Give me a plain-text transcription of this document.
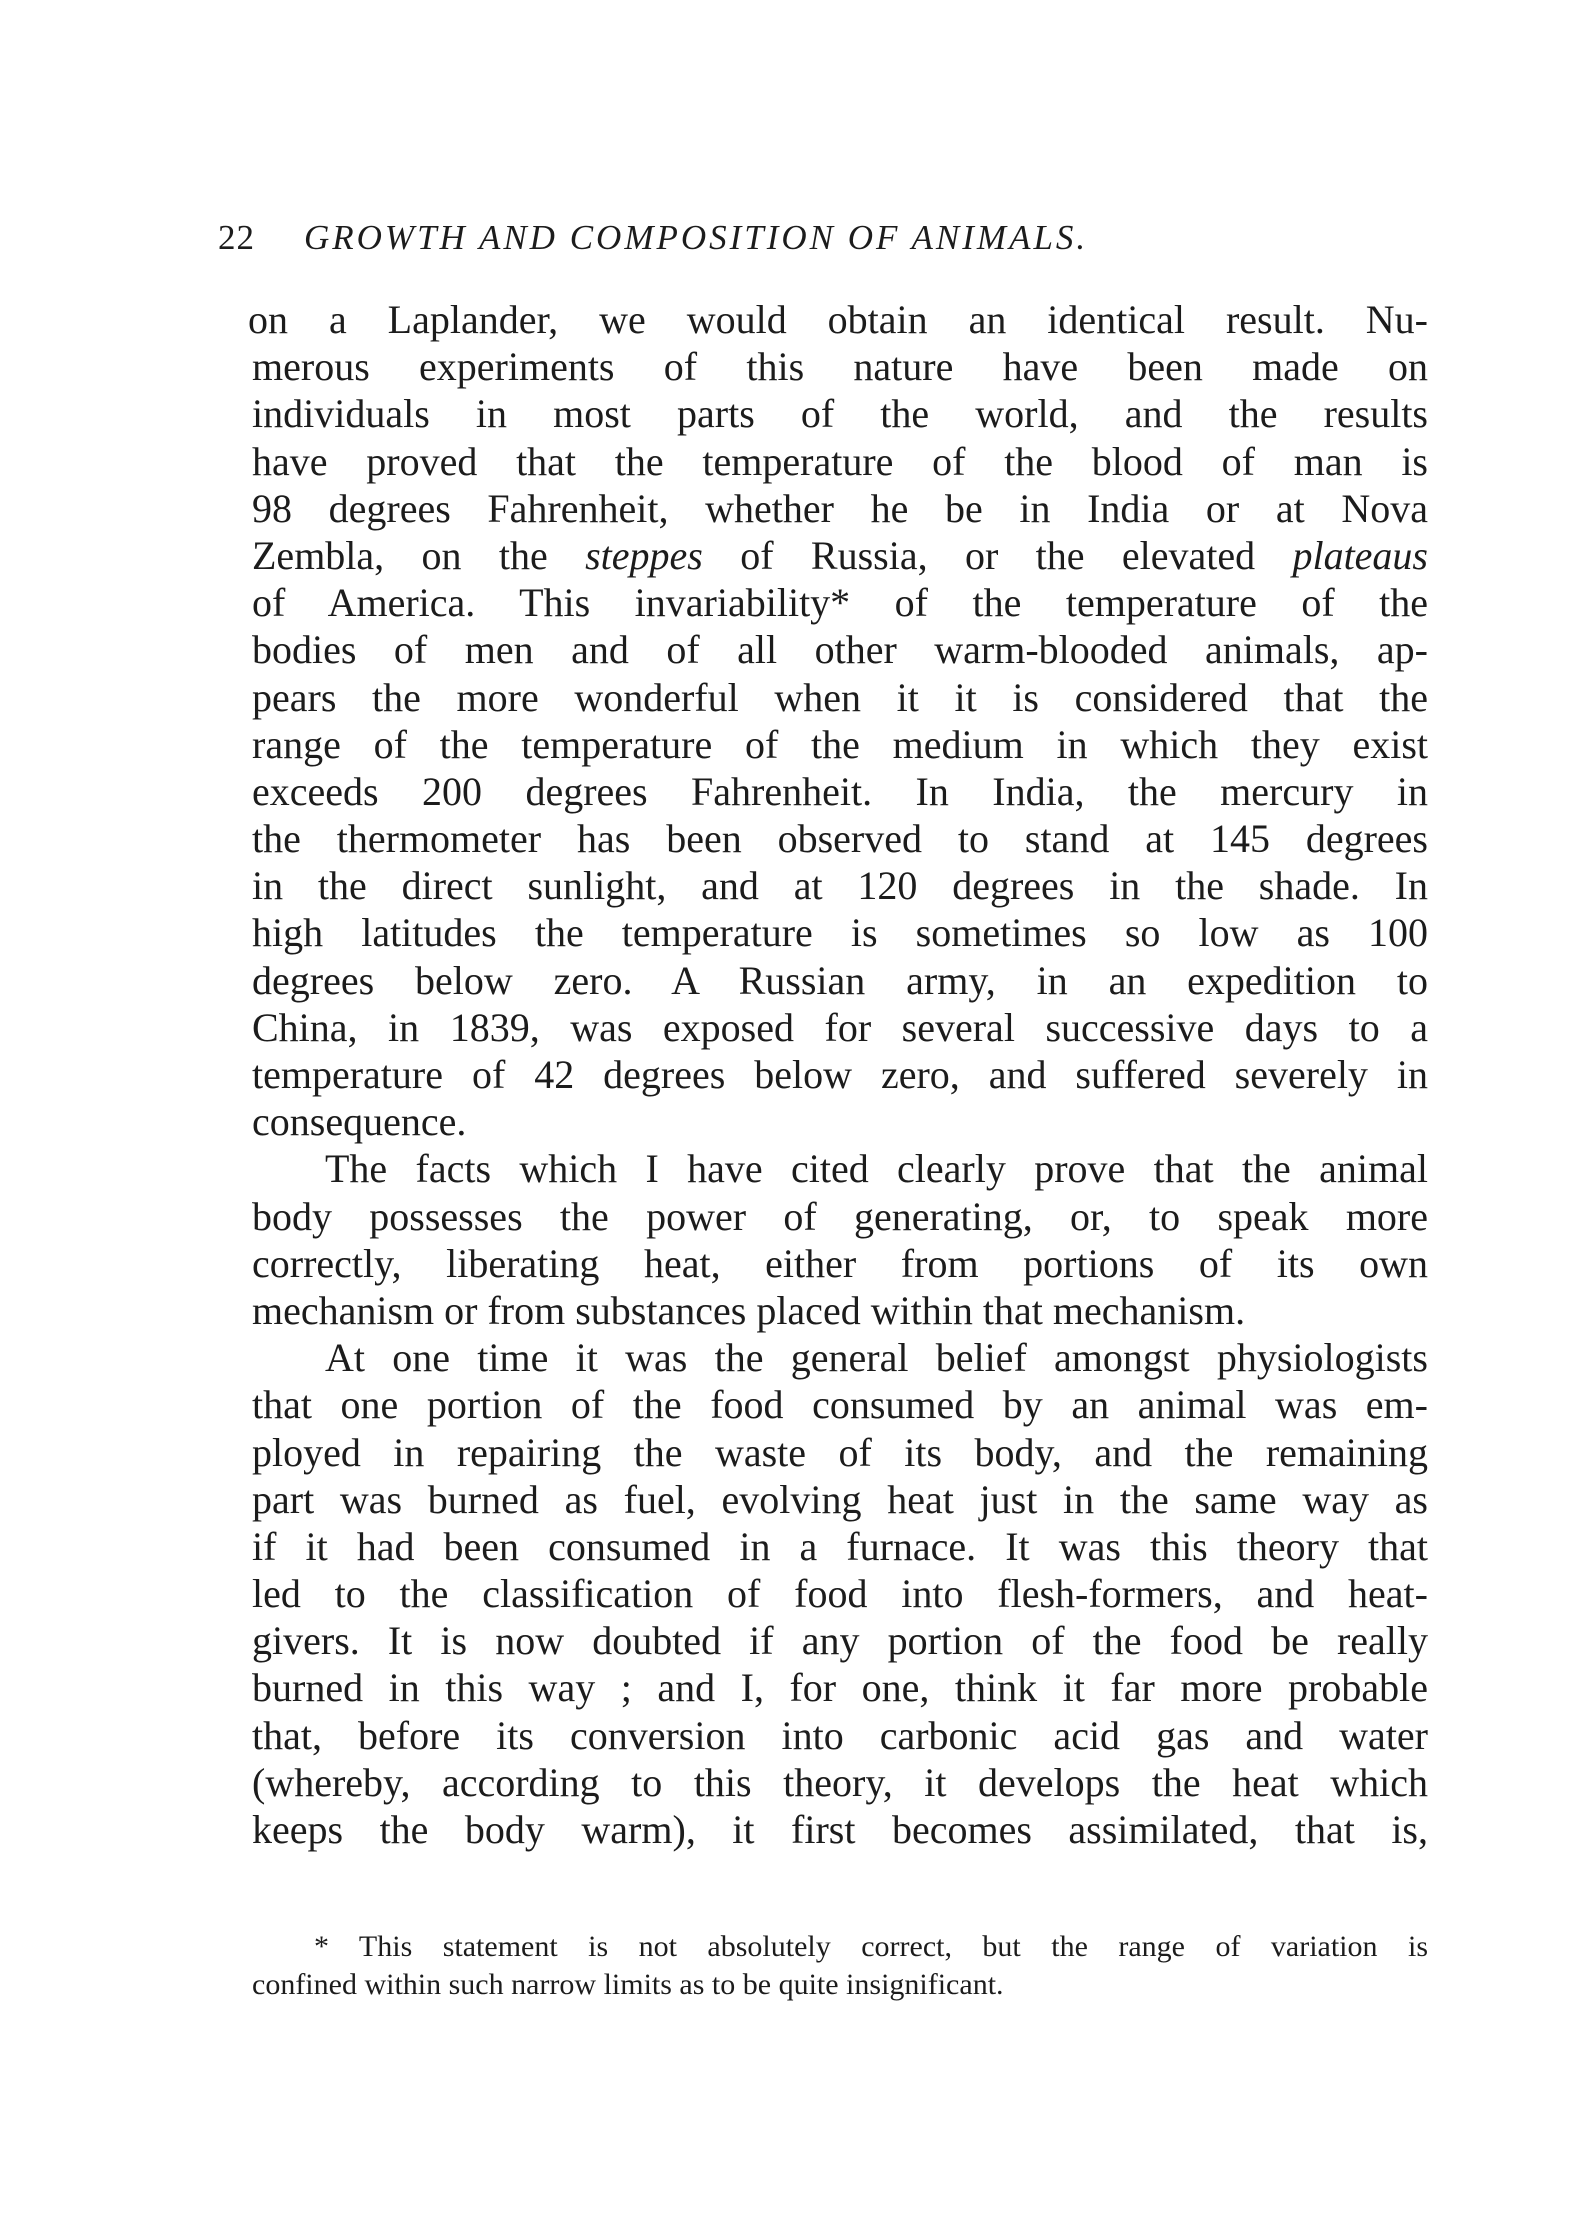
22 GROWTH AND COMPOSITION OF ANIMALS.
on a Laplander, we would obtain an identical result. Nu-
merous experiments of this nature have been made on
individuals in most parts of the world, and the results
have proved that the temperature of the blood of man is
98 degrees Fahrenheit, whether he be in India or at Nova
Zembla, on the steppes of Russia, or the elevated plateaus
of America. This invariability* of the temperature of the
bodies of men and of all other warm-blooded animals, ap-
pears the more wonderful when it it is considered that the
range of the temperature of the medium in which they exist
exceeds 200 degrees Fahrenheit. In India, the mercury in
the thermometer has been observed to stand at 145 degrees
in the direct sunlight, and at 120 degrees in the shade. In
high latitudes the temperature is sometimes so low as 100
degrees below zero. A Russian army, in an expedition to
China, in 1839, was exposed for several successive days to a
temperature of 42 degrees below zero, and suffered severely in
consequence.
The facts which I have cited clearly prove that the animal
body possesses the power of generating, or, to speak more
correctly, liberating heat, either from portions of its own
mechanism or from substances placed within that mechanism.
At one time it was the general belief amongst physiologists
that one portion of the food consumed by an animal was em-
ployed in repairing the waste of its body, and the remaining
part was burned as fuel, evolving heat just in the same way as
if it had been consumed in a furnace. It was this theory that
led to the classification of food into flesh-formers, and heat-
givers. It is now doubted if any portion of the food be really
burned in this way ; and I, for one, think it far more probable
that, before its conversion into carbonic acid gas and water
(whereby, according to this theory, it develops the heat which
keeps the body warm), it first becomes assimilated, that is,
* This statement is not absolutely correct, but the range of variation is
confined within such narrow limits as to be quite insignificant.
